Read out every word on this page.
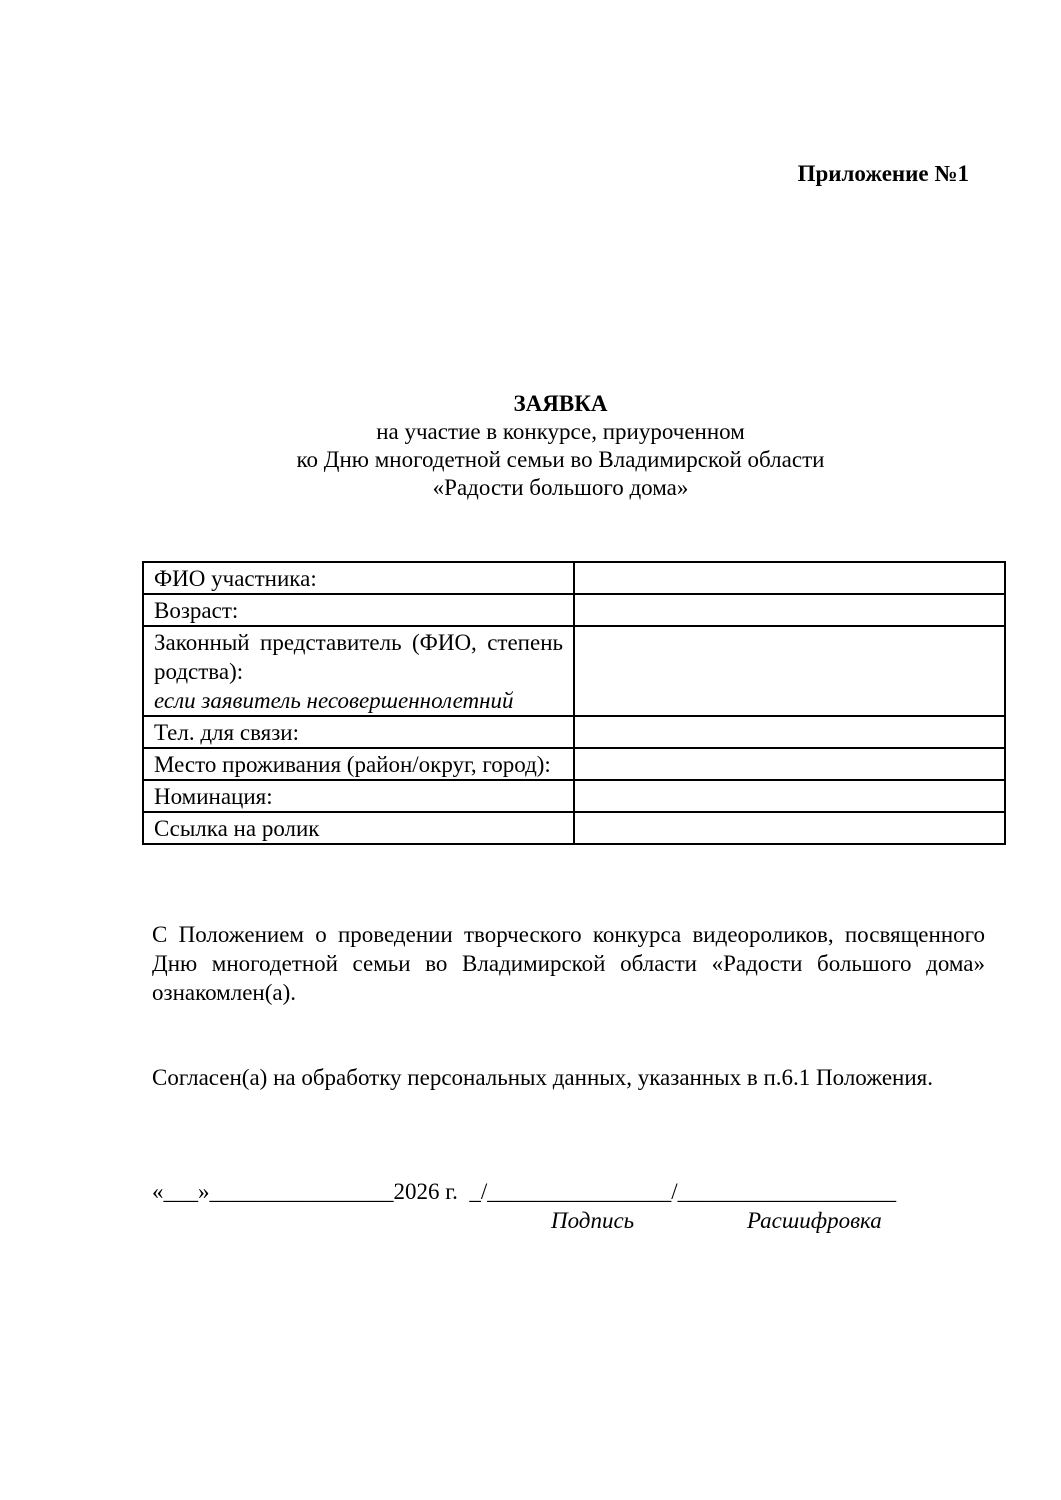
Приложение №1
ЗАЯВКА
на участие в конкурсе, приуроченном
ко Дню многодетной семьи во Владимирской области
«Радости большого дома»
ФИО участника:	
Возраст:	
Законный представитель (ФИО, степень родства):
если заявитель несовершеннолетний	

Тел. для связи:	
Место проживания (район/округ, город):	
Номинация:	
Ссылка на ролик	
С Положением о проведении творческого конкурса видеороликов, посвященного Дню многодетной семьи во Владимирской области «Радости большого дома» ознакомлен(а).
Согласен(а) на обработку персональных данных, указанных в п.6.1 Положения.
«___»________________2026 г.  _/________________/___________________
Подпись	Расшифровка
